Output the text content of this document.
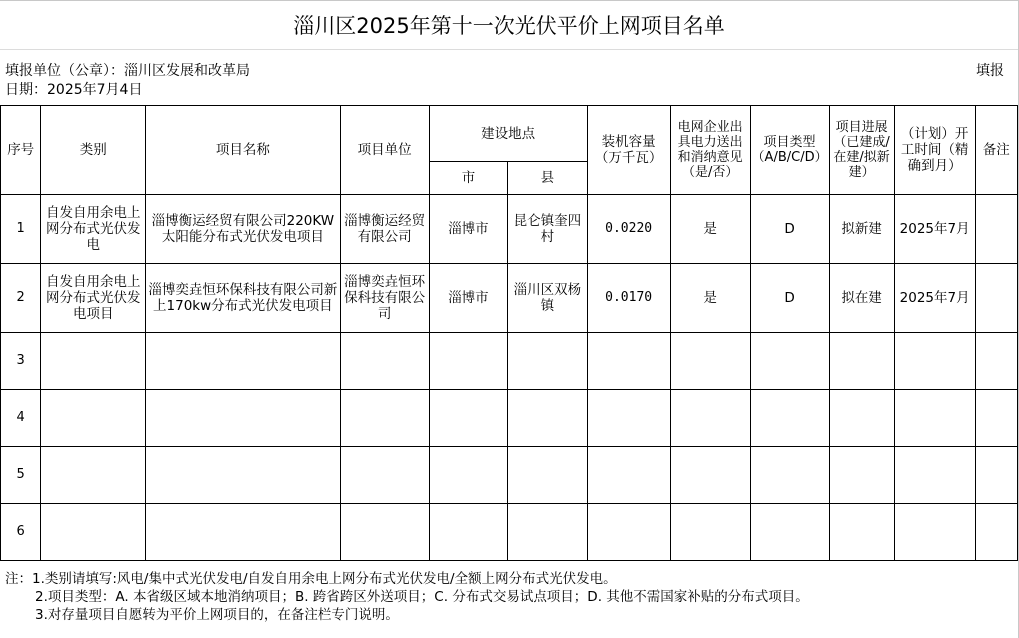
淄川区2025年第十一次光伏平价上网项目名单
填报单位（公章）：淄川区发展和改革局	填报
日期：2025年7月4日
序号	类别	项目名称	项目单位	建设地点		装机容量（万千瓦）	电网企业出具电力送出和消纳意见（是/否）	项目类型（A/B/C/D）	项目进展（已建成/在建/拟新建）	（计划）开工时间（精确到月）	备注
				市	县						
1	自发自用余电上网分布式光伏发电	淄博衡运经贸有限公司220KW太阳能分布式光伏发电项目	淄博衡运经贸有限公司	淄博市	昆仑镇奎四村	0.0220	是	D	拟新建	2025年7月	
2	自发自用余电上网分布式光伏发电项目	淄博奕垚恒环保科技有限公司新上170kw分布式光伏发电项目	淄博奕垚恒环保科技有限公司	淄博市	淄川区双杨镇	0.0170	是	D	拟在建	2025年7月	
3											
4											
5											
6											
注：1.类别请填写:风电/集中式光伏发电/自发自用余电上网分布式光伏发电/全额上网分布式光伏发电。
2.项目类型：A. 本省级区域本地消纳项目；B. 跨省跨区外送项目；C. 分布式交易试点项目；D. 其他不需国家补贴的分布式项目。
3.对存量项目自愿转为平价上网项目的，在备注栏专门说明。
